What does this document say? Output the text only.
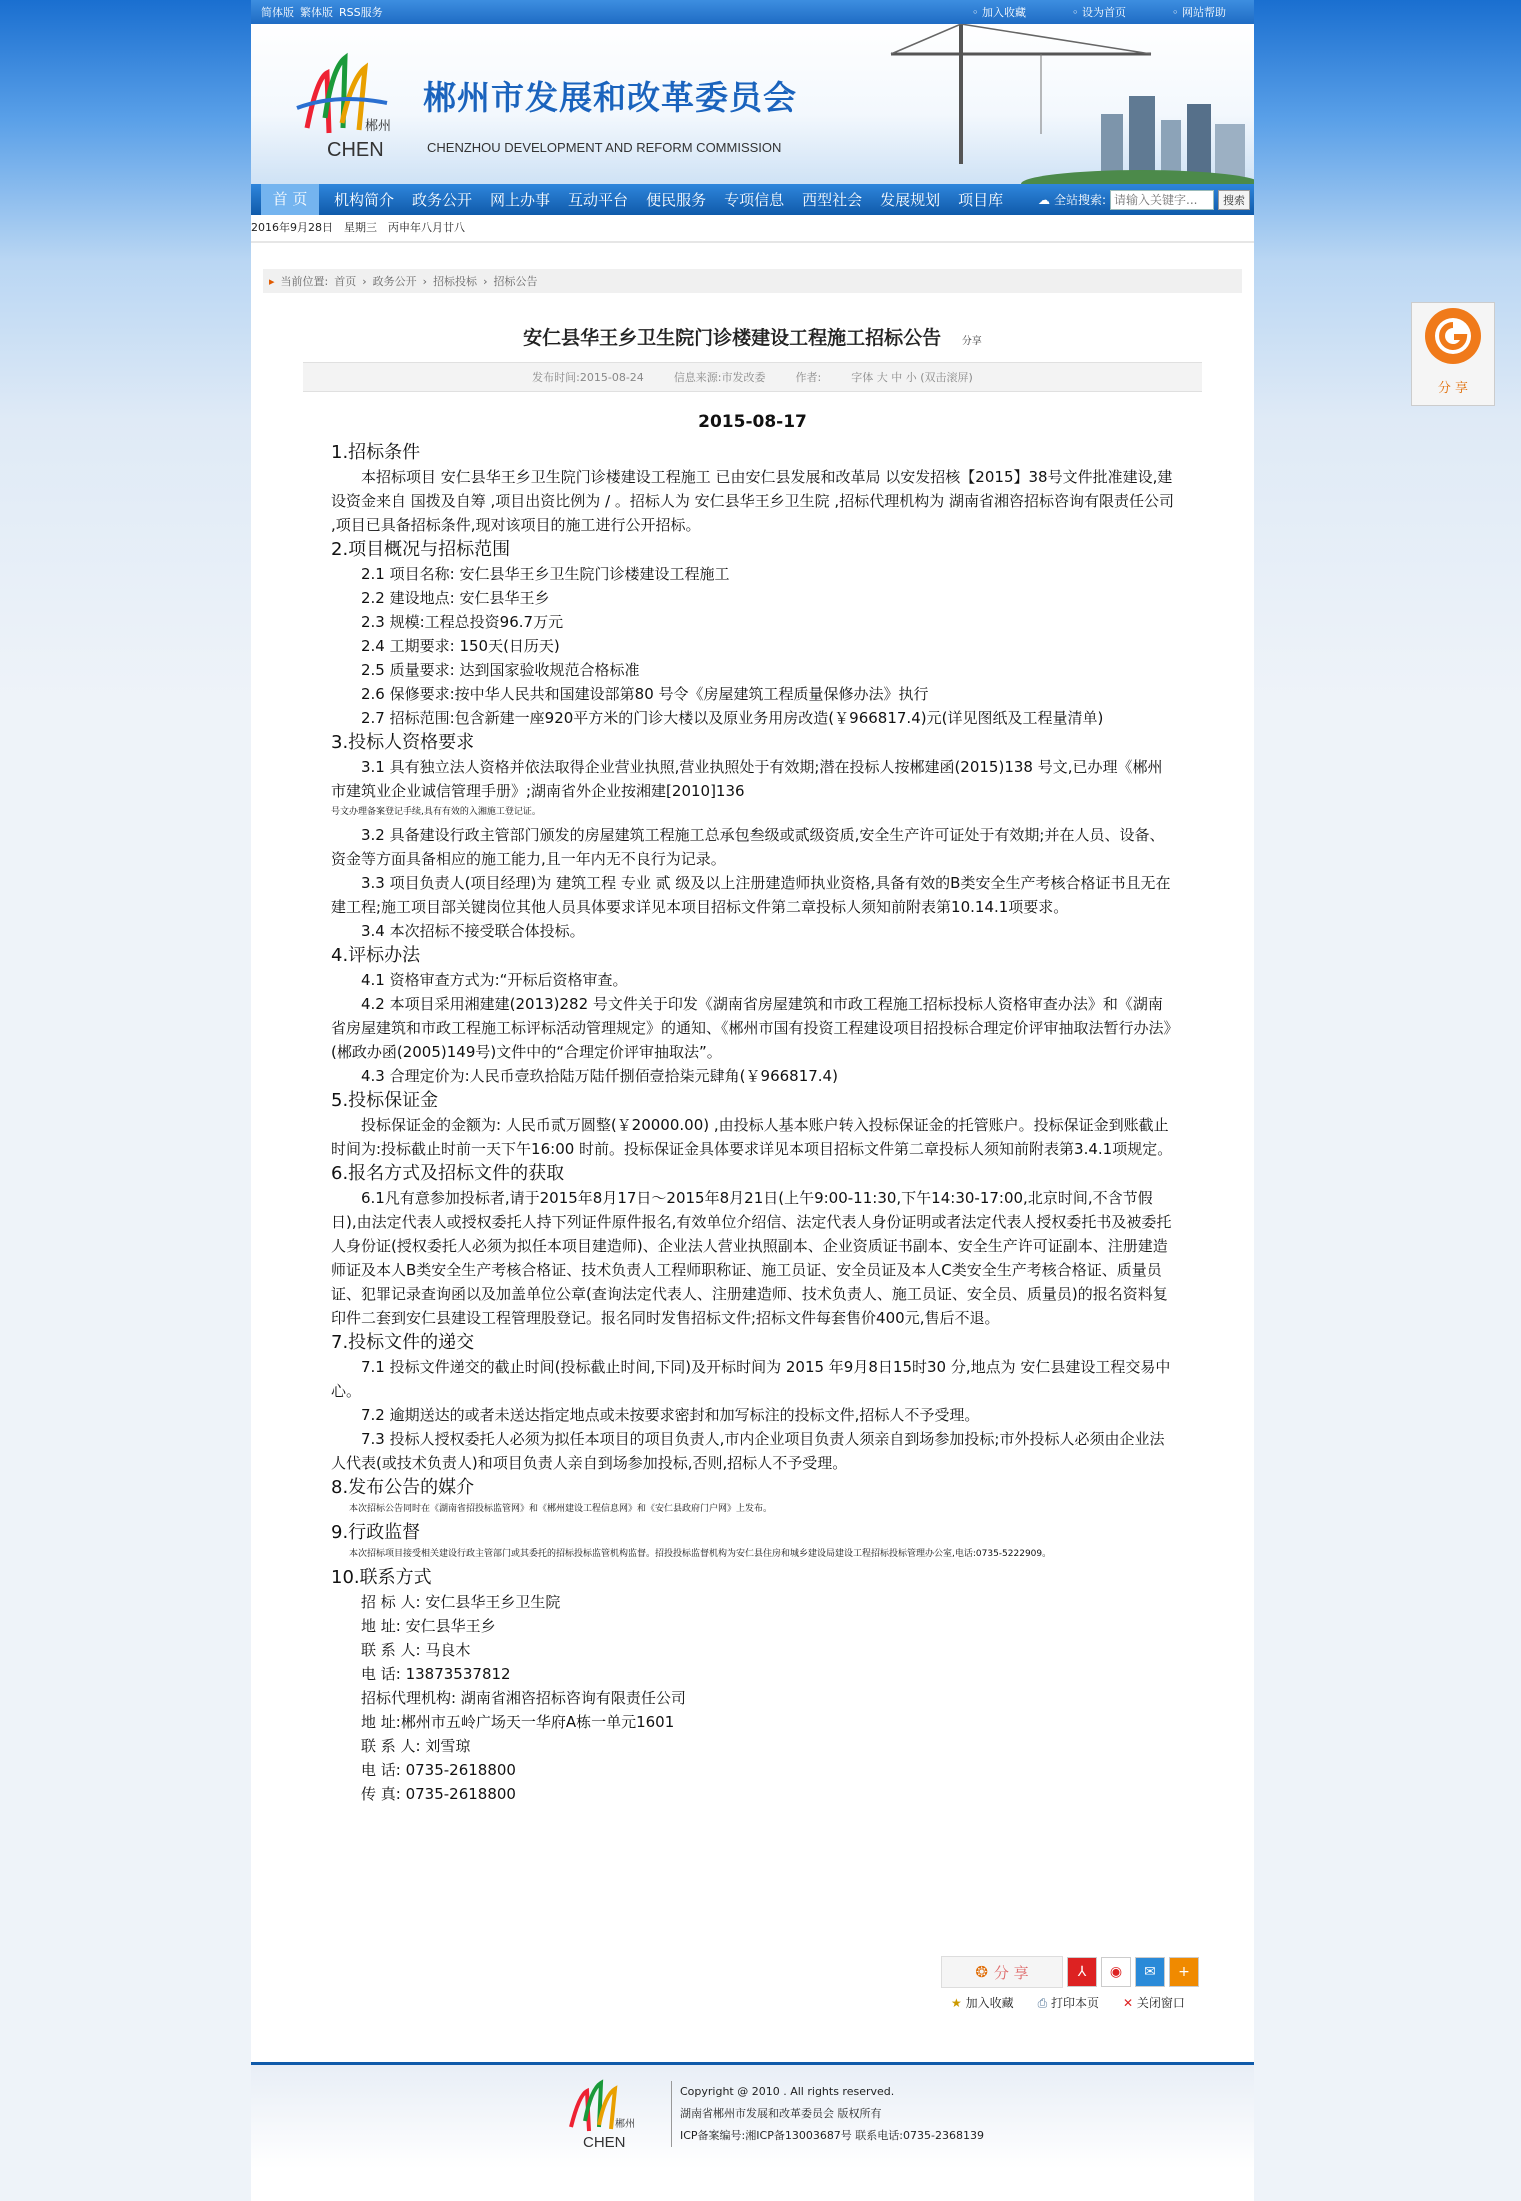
简体版 繁体版 RSS服务	◦ 加入收藏	◦ 设为首页	◦ 网站帮助
郴州
CHEN
郴州市发展和改革委员会
CHENZHOU DEVELOPMENT AND REFORM COMMISSION
首 页	机构简介	政务公开	网上办事	互动平台	便民服务	专项信息	西型社会	发展规划	项目库	☁ 全站搜索:
请输入关键字...	搜索
2016年9月28日　星期三　丙申年八月廿八
▸ 当前位置: 首页 › 政务公开 › 招标投标 › 招标公告
安仁县华王乡卫生院门诊楼建设工程施工招标公告 分享
发布时间:2015-08-24	信息来源:市发改委	作者:	字体 大 中 小 (双击滚屏)
2015-08-17

1.招标条件

本招标项目 安仁县华王乡卫生院门诊楼建设工程施工 已由安仁县发展和改革局 以安发招核【2015】38号文件批准建设,建设资金来自 国拨及自筹 ,项目出资比例为 / 。招标人为 安仁县华王乡卫生院 ,招标代理机构为 湖南省湘咨招标咨询有限责任公司 ,项目已具备招标条件,现对该项目的施工进行公开招标。

2.项目概况与招标范围

2.1 项目名称: 安仁县华王乡卫生院门诊楼建设工程施工

2.2 建设地点: 安仁县华王乡

2.3 规模:工程总投资96.7万元

2.4 工期要求: 150天(日历天)

2.5 质量要求: 达到国家验收规范合格标准

2.6 保修要求:按中华人民共和国建设部第80 号令《房屋建筑工程质量保修办法》执行

2.7 招标范围:包含新建一座920平方米的门诊大楼以及原业务用房改造(￥966817.4)元(详见图纸及工程量清单)

3.投标人资格要求

3.1 具有独立法人资格并依法取得企业营业执照,营业执照处于有效期;潜在投标人按郴建函(2015)138 号文,已办理《郴州市建筑业企业诚信管理手册》;湖南省外企业按湘建[2010]136

号文办理备案登记手续,具有有效的入湘施工登记证。

3.2 具备建设行政主管部门颁发的房屋建筑工程施工总承包叁级或贰级资质,安全生产许可证处于有效期;并在人员、设备、资金等方面具备相应的施工能力,且一年内无不良行为记录。

3.3 项目负责人(项目经理)为 建筑工程 专业 贰 级及以上注册建造师执业资格,具备有效的B类安全生产考核合格证书且无在建工程;施工项目部关键岗位其他人员具体要求详见本项目招标文件第二章投标人须知前附表第10.14.1项要求。

3.4 本次招标不接受联合体投标。

4.评标办法

4.1 资格审查方式为:“开标后资格审查。

4.2 本项目采用湘建建(2013)282 号文件关于印发《湖南省房屋建筑和市政工程施工招标投标人资格审查办法》和《湖南省房屋建筑和市政工程施工标评标活动管理规定》的通知、《郴州市国有投资工程建设项目招投标合理定价评审抽取法暂行办法》(郴政办函(2005)149号)文件中的“合理定价评审抽取法”。

4.3 合理定价为:人民币壹玖拾陆万陆仟捌佰壹拾柒元肆角(￥966817.4)

5.投标保证金

投标保证金的金额为: 人民币贰万圆整(￥20000.00) ,由投标人基本账户转入投标保证金的托管账户。投标保证金到账截止时间为:投标截止时前一天下午16:00 时前。投标保证金具体要求详见本项目招标文件第二章投标人须知前附表第3.4.1项规定。

6.报名方式及招标文件的获取

6.1凡有意参加投标者,请于2015年8月17日～2015年8月21日(上午9:00-11:30,下午14:30-17:00,北京时间,不含节假日),由法定代表人或授权委托人持下列证件原件报名,有效单位介绍信、法定代表人身份证明或者法定代表人授权委托书及被委托人身份证(授权委托人必须为拟任本项目建造师)、企业法人营业执照副本、企业资质证书副本、安全生产许可证副本、注册建造师证及本人B类安全生产考核合格证、技术负责人工程师职称证、施工员证、安全员证及本人C类安全生产考核合格证、质量员证、犯罪记录查询函以及加盖单位公章(查询法定代表人、注册建造师、技术负责人、施工员证、安全员、质量员)的报名资料复印件二套到安仁县建设工程管理股登记。报名同时发售招标文件;招标文件每套售价400元,售后不退。

7.投标文件的递交

7.1 投标文件递交的截止时间(投标截止时间,下同)及开标时间为 2015 年9月8日15时30 分,地点为 安仁县建设工程交易中心。

7.2 逾期送达的或者未送达指定地点或未按要求密封和加写标注的投标文件,招标人不予受理。

7.3 投标人授权委托人必须为拟任本项目的项目负责人,市内企业项目负责人须亲自到场参加投标;市外投标人必须由企业法人代表(或技术负责人)和项目负责人亲自到场参加投标,否则,招标人不予受理。

8.发布公告的媒介

本次招标公告同时在《湖南省招投标监管网》和《郴州建设工程信息网》和《安仁县政府门户网》上发布。

9.行政监督

本次招标项目接受相关建设行政主管部门或其委托的招标投标监管机构监督。招投投标监督机构为安仁县住房和城乡建设局建设工程招标投标管理办公室,电话:0735-5222909。

10.联系方式

招 标 人: 安仁县华王乡卫生院

地 址: 安仁县华王乡

联 系 人: 马良木

电 话: 13873537812

招标代理机构: 湖南省湘咨招标咨询有限责任公司

地 址:郴州市五岭广场天一华府A栋一单元1601

联 系 人: 刘雪琼

电 话: 0735-2618800

传 真: 0735-2618800

❂ 分 享	⅄	◉	✉	+
★ 加入收藏 ⎙ 打印本页 ✕ 关闭窗口
郴州
CHEN
Copyright @ 2010 . All rights reserved.
湖南省郴州市发展和改革委员会 版权所有
ICP备案编号:湘ICP备13003687号 联系电话:0735-2368139
分 享
